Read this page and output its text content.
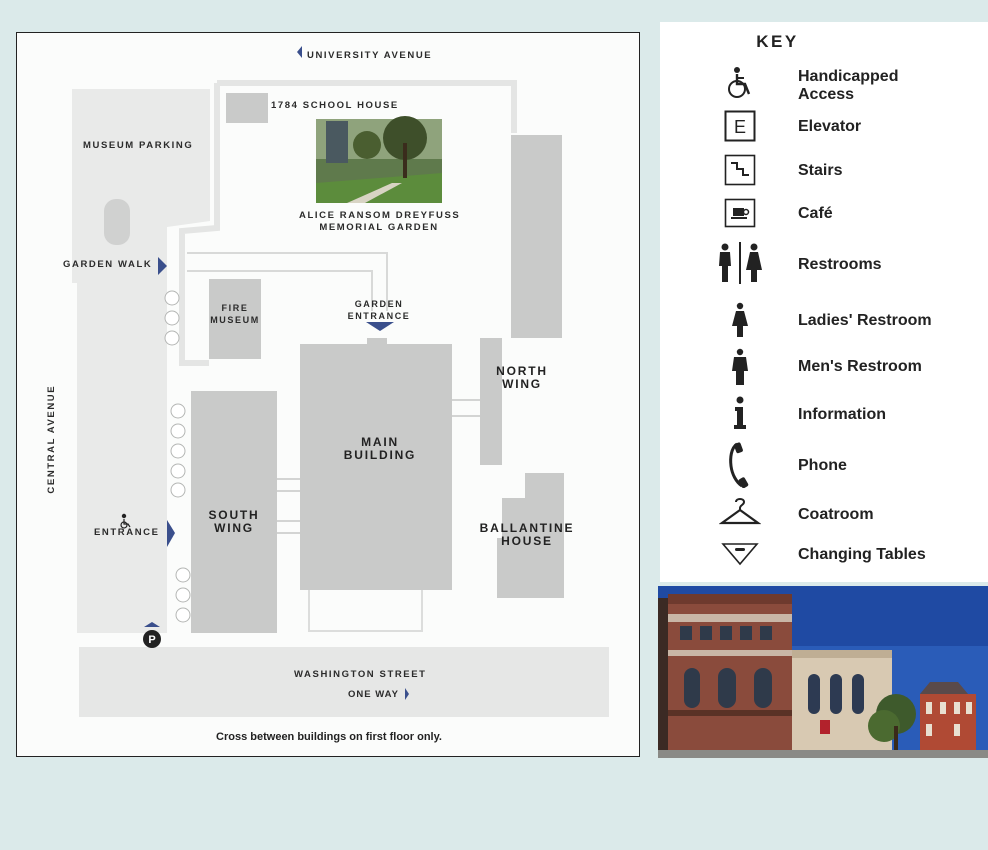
P
UNIVERSITY AVENUE
1784 SCHOOL HOUSE
MUSEUM PARKING
ALICE RANSOM DREYFUSS
MEMORIAL GARDEN
GARDEN WALK
FIRE
MUSEUM
GARDEN
ENTRANCE
CENTRAL AVENUE
ENTRANCE
NORTH
WING
MAIN
BUILDING
SOUTH
WING	BALLANTINE
HOUSE
WASHINGTON STREET
ONE WAY
Cross between buildings on first floor only.
KEY
Handicapped
Access
E	Elevator
Stairs
Café
Restrooms
Ladies' Restroom
Men's Restroom
Information
Phone
Coatroom
Changing Tables
